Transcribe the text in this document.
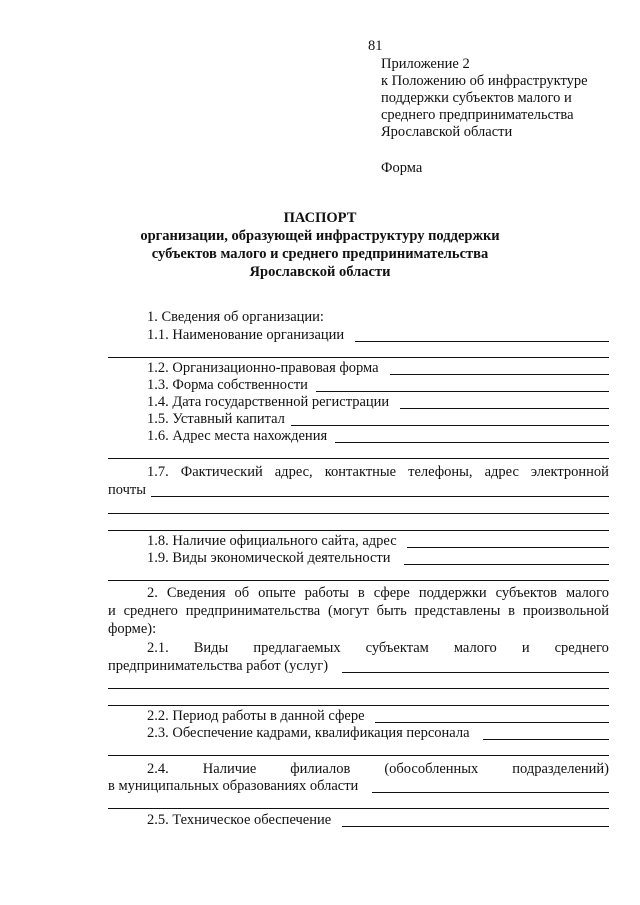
81
Приложение 2
к Положению об инфраструктуре
поддержки субъектов малого и
среднего предпринимательства
Ярославской области
Форма
ПАСПОРТ
организации, образующей инфраструктуру поддержки
субъектов малого и среднего предпринимательства
Ярославской области
1. Сведения об организации:
1.1. Наименование организации
1.2. Организационно-правовая форма
1.3. Форма собственности
1.4. Дата государственной регистрации
1.5. Уставный капитал
1.6. Адрес места нахождения
1.7. Фактический адрес, контактные телефоны, адрес электронной
почты
1.8. Наличие официального сайта, адрес
1.9. Виды экономической деятельности
2. Сведения об опыте работы в сфере поддержки субъектов малого
и среднего предпринимательства (могут быть представлены в произвольной
форме):
2.1. Виды предлагаемых субъектам малого и среднего
предпринимательства работ (услуг)
2.2. Период работы в данной сфере
2.3. Обеспечение кадрами, квалификация персонала
2.4. Наличие филиалов (обособленных подразделений)
в муниципальных образованиях области
2.5. Техническое обеспечение
